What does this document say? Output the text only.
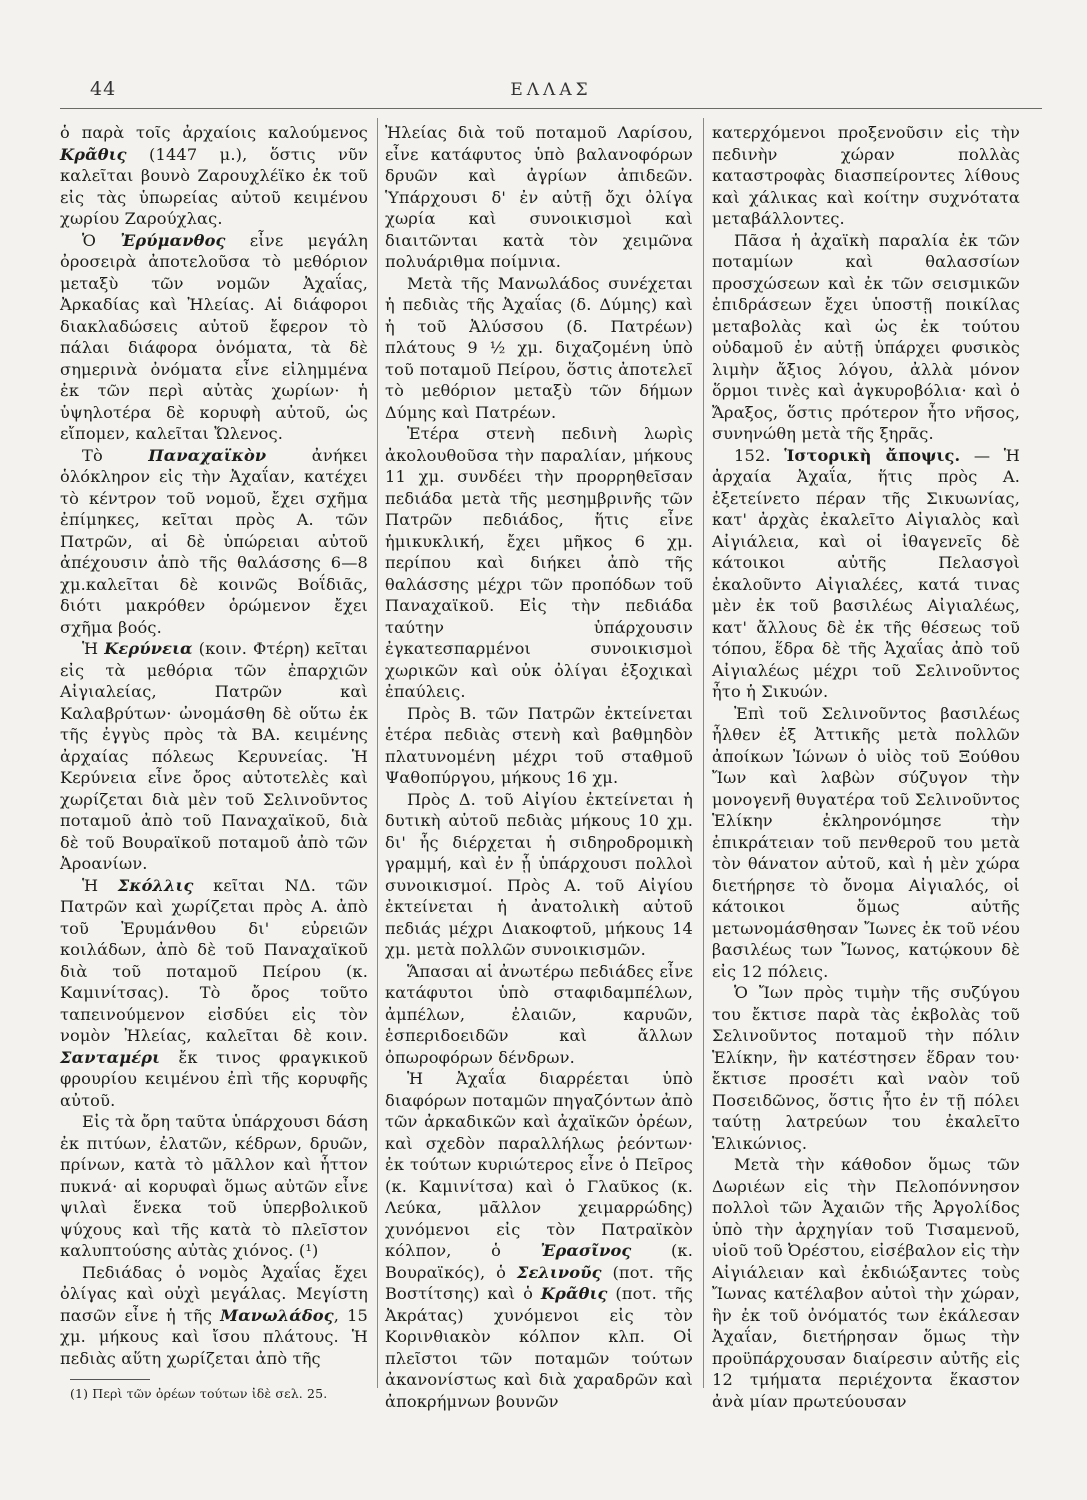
44	ΕΛΛΑΣ

ὁ παρὰ τοῖς ἀρχαίοις καλούμενος Κρᾶθις (1447 μ.), ὅστις νῦν καλεῖται βουνὸ Ζαρουχλέϊκο ἐκ τοῦ εἰς τὰς ὑπωρείας αὐτοῦ κειμένου χωρίου Ζαρούχλας.

Ὁ Ἐρύμανθος εἶνε μεγάλη ὀροσειρὰ ἀποτελοῦσα τὸ μεθόριον μεταξὺ τῶν νομῶν Ἀχαΐας, Ἀρκαδίας καὶ Ἠλείας. Αἱ διάφοροι διακλαδώσεις αὐτοῦ ἔφερον τὸ πάλαι διάφορα ὀνόματα, τὰ δὲ σημερινὰ ὀνόματα εἶνε εἰλημμένα ἐκ τῶν περὶ αὐτὰς χωρίων· ἡ ὑψηλοτέρα δὲ κορυφὴ αὐτοῦ, ὡς εἴπομεν, καλεῖται Ὤλενος.

Τὸ Παναχαϊκὸν ἀνήκει ὁλόκληρον εἰς τὴν Ἀχαΐαν, κατέχει τὸ κέντρον τοῦ νομοῦ, ἔχει σχῆμα ἐπίμηκες, κεῖται πρὸς Α. τῶν Πατρῶν, αἱ δὲ ὑπώρειαι αὐτοῦ ἀπέχουσιν ἀπὸ τῆς θαλάσσης 6—8 χμ.καλεῖται δὲ κοινῶς Βοΐδιᾶς, διότι μακρόθεν ὁρώμενον ἔχει σχῆμα βοός.

Ἡ Κερύνεια (κοιν. Φτέρη) κεῖται εἰς τὰ μεθόρια τῶν ἐπαρχιῶν Αἰγιαλείας, Πατρῶν καὶ Καλαβρύτων· ὠνομάσθη δὲ οὕτω ἐκ τῆς ἐγγὺς πρὸς τὰ ΒΑ. κειμένης ἀρχαίας πόλεως Κερυνείας. Ἡ Κερύνεια εἶνε ὄρος αὐτοτελὲς καὶ χωρίζεται διὰ μὲν τοῦ Σελινοῦντος ποταμοῦ ἀπὸ τοῦ Παναχαϊκοῦ, διὰ δὲ τοῦ Βουραϊκοῦ ποταμοῦ ἀπὸ τῶν Ἀροανίων.

Ἡ Σκόλλις κεῖται ΝΔ. τῶν Πατρῶν καὶ χωρίζεται πρὸς Α. ἀπὸ τοῦ Ἐρυμάνθου δι' εὐρειῶν κοιλάδων, ἀπὸ δὲ τοῦ Παναχαϊκοῦ διὰ τοῦ ποταμοῦ Πείρου (κ. Καμινίτσας). Τὸ ὄρος τοῦτο ταπεινούμενον εἰσδύει εἰς τὸν νομὸν Ἠλείας, καλεῖται δὲ κοιν. Σανταμέρι ἔκ τινος φραγκικοῦ φρουρίου κειμένου ἐπὶ τῆς κορυφῆς αὐτοῦ.

Εἰς τὰ ὄρη ταῦτα ὑπάρχουσι δάση ἐκ πιτύων, ἐλατῶν, κέδρων, δρυῶν, πρίνων, κατὰ τὸ μᾶλλον καὶ ἧττον πυκνά· αἱ κορυφαὶ ὅμως αὐτῶν εἶνε ψιλαὶ ἕνεκα τοῦ ὑπερβολικοῦ ψύχους καὶ τῆς κατὰ τὸ πλεῖστον καλυπτούσης αὐτὰς χιόνος. (¹)

Πεδιάδας ὁ νομὸς Ἀχαΐας ἔχει ὀλίγας καὶ οὐχὶ μεγάλας. Μεγίστη πασῶν εἶνε ἡ τῆς Μανωλάδος, 15 χμ. μήκους καὶ ἴσου πλάτους. Ἡ πεδιὰς αὕτη χωρίζεται ἀπὸ τῆς

(1) Περὶ τῶν ὀρέων τούτων ἰδὲ σελ. 25.

Ἠλείας διὰ τοῦ ποταμοῦ Λαρίσου, εἶνε κατάφυτος ὑπὸ βαλανοφόρων δρυῶν καὶ ἀγρίων ἀπιδεῶν. Ὑπάρχουσι δ' ἐν αὐτῇ ὄχι ὀλίγα χωρία καὶ συνοικισμοὶ καὶ διαιτῶνται κατὰ τὸν χειμῶνα πολυάριθμα ποίμνια.

Μετὰ τῆς Μανωλάδος συνέχεται ἡ πεδιὰς τῆς Ἀχαΐας (δ. Δύμης) καὶ ἡ τοῦ Ἀλύσσου (δ. Πατρέων) πλάτους 9 ½ χμ. διχαζομένη ὑπὸ τοῦ ποταμοῦ Πείρου, ὅστις ἀποτελεῖ τὸ μεθόριον μεταξὺ τῶν δήμων Δύμης καὶ Πατρέων.

Ἑτέρα στενὴ πεδινὴ λωρὶς ἀκολουθοῦσα τὴν παραλίαν, μήκους 11 χμ. συνδέει τὴν προρρηθεῖσαν πεδιάδα μετὰ τῆς μεσημβρινῆς τῶν Πατρῶν πεδιάδος, ἥτις εἶνε ἡμικυκλική, ἔχει μῆκος 6 χμ. περίπου καὶ διήκει ἀπὸ τῆς θαλάσσης μέχρι τῶν προπόδων τοῦ Παναχαϊκοῦ. Εἰς τὴν πεδιάδα ταύτην ὑπάρχουσιν ἐγκατεσπαρμένοι συνοικισμοὶ χωρικῶν καὶ οὐκ ὀλίγαι ἐξοχικαὶ ἐπαύλεις.

Πρὸς Β. τῶν Πατρῶν ἐκτείνεται ἑτέρα πεδιὰς στενὴ καὶ βαθμηδὸν πλατυνομένη μέχρι τοῦ σταθμοῦ Ψαθοπύργου, μήκους 16 χμ.

Πρὸς Δ. τοῦ Αἰγίου ἐκτείνεται ἡ δυτικὴ αὐτοῦ πεδιὰς μήκους 10 χμ. δι' ἧς διέρχεται ἡ σιδηροδρομικὴ γραμμή, καὶ ἐν ᾗ ὑπάρχουσι πολλοὶ συνοικισμοί. Πρὸς Α. τοῦ Αἰγίου ἐκτείνεται ἡ ἀνατολικὴ αὐτοῦ πεδιάς μέχρι Διακοφτοῦ, μήκους 14 χμ. μετὰ πολλῶν συνοικισμῶν.

Ἅπασαι αἱ ἀνωτέρω πεδιάδες εἶνε κατάφυτοι ὑπὸ σταφιδαμπέλων, ἀμπέλων, ἐλαιῶν, καρυῶν, ἑσπεριδοειδῶν καὶ ἄλλων ὀπωροφόρων δένδρων.

Ἡ Ἀχαΐα διαρρέεται ὑπὸ διαφόρων ποταμῶν πηγαζόντων ἀπὸ τῶν ἀρκαδικῶν καὶ ἀχαϊκῶν ὀρέων, καὶ σχεδὸν παραλλήλως ῥεόντων· ἐκ τούτων κυριώτερος εἶνε ὁ Πεῖρος (κ. Καμινίτσα) καὶ ὁ Γλαῦκος (κ. Λεύκα, μᾶλλον χειμαρρώδης) χυνόμενοι εἰς τὸν Πατραϊκὸν κόλπον, ὁ Ἐρασῖνος (κ. Βουραϊκός), ὁ Σελινοῦς (ποτ. τῆς Βοστίτσης) καὶ ὁ Κρᾶθις (ποτ. τῆς Ἀκράτας) χυνόμενοι εἰς τὸν Κορινθιακὸν κόλπον κλπ. Οἱ πλεῖστοι τῶν ποταμῶν τούτων ἀκανονίστως καὶ διὰ χαραδρῶν καὶ ἀποκρήμνων βουνῶν

κατερχόμενοι προξενοῦσιν εἰς τὴν πεδινὴν χώραν πολλὰς καταστροφὰς διασπείροντες λίθους καὶ χάλικας καὶ κοίτην συχνότατα μεταβάλλοντες.

Πᾶσα ἡ ἀχαϊκὴ παραλία ἐκ τῶν ποταμίων καὶ θαλασσίων προσχώσεων καὶ ἐκ τῶν σεισμικῶν ἐπιδράσεων ἔχει ὑποστῇ ποικίλας μεταβολὰς καὶ ὡς ἐκ τούτου οὐδαμοῦ ἐν αὐτῇ ὑπάρχει φυσικὸς λιμὴν ἄξιος λόγου, ἀλλὰ μόνον ὅρμοι τινὲς καὶ ἀγκυροβόλια· καὶ ὁ Ἄραξος, ὅστις πρότερον ἦτο νῆσος, συνηνώθη μετὰ τῆς ξηρᾶς.

152. Ἱστορικὴ ἄποψις. — Ἡ ἀρχαία Ἀχαΐα, ἥτις πρὸς Α. ἐξετείνετο πέραν τῆς Σικυωνίας, κατ' ἀρχὰς ἐκαλεῖτο Αἰγιαλὸς καὶ Αἰγιάλεια, καὶ οἱ ἰθαγενεῖς δὲ κάτοικοι αὐτῆς Πελασγοὶ ἐκαλοῦντο Αἰγιαλέες, κατά τινας μὲν ἐκ τοῦ βασιλέως Αἰγιαλέως, κατ' ἄλλους δὲ ἐκ τῆς θέσεως τοῦ τόπου, ἕδρα δὲ τῆς Ἀχαΐας ἀπὸ τοῦ Αἰγιαλέως μέχρι τοῦ Σελινοῦντος ἦτο ἡ Σικυών.

Ἐπὶ τοῦ Σελινοῦντος βασιλέως ἦλθεν ἐξ Ἀττικῆς μετὰ πολλῶν ἀποίκων Ἰώνων ὁ υἱὸς τοῦ Ξούθου Ἴων καὶ λαβὼν σύζυγον τὴν μονογενῆ θυγατέρα τοῦ Σελινοῦντος Ἑλίκην ἐκληρονόμησε τὴν ἐπικράτειαν τοῦ πενθεροῦ του μετὰ τὸν θάνατον αὐτοῦ, καὶ ἡ μὲν χώρα διετήρησε τὸ ὄνομα Αἰγιαλός, οἱ κάτοικοι ὅμως αὐτῆς μετωνομάσθησαν Ἴωνες ἐκ τοῦ νέου βασιλέως των Ἴωνος, κατῴκουν δὲ εἰς 12 πόλεις.

Ὁ Ἴων πρὸς τιμὴν τῆς συζύγου του ἔκτισε παρὰ τὰς ἐκβολὰς τοῦ Σελινοῦντος ποταμοῦ τὴν πόλιν Ἑλίκην, ἣν κατέστησεν ἕδραν του· ἔκτισε προσέτι καὶ ναὸν τοῦ Ποσειδῶνος, ὅστις ἦτο ἐν τῇ πόλει ταύτῃ λατρεύων του ἐκαλεῖτο Ἑλικώνιος.

Μετὰ τὴν κάθοδον ὅμως τῶν Δωριέων εἰς τὴν Πελοπόννησον πολλοὶ τῶν Ἀχαιῶν τῆς Ἀργολίδος ὑπὸ τὴν ἀρχηγίαν τοῦ Τισαμενοῦ, υἱοῦ τοῦ Ὀρέστου, εἰσέβαλον εἰς τὴν Αἰγιάλειαν καὶ ἐκδιώξαντες τοὺς Ἴωνας κατέλαβον αὐτοὶ τὴν χώραν, ἣν ἐκ τοῦ ὀνόματός των ἐκάλεσαν Ἀχαΐαν, διετήρησαν ὅμως τὴν προϋπάρχουσαν διαίρεσιν αὐτῆς εἰς 12 τμήματα περιέχοντα ἕκαστον ἀνὰ μίαν πρωτεύουσαν
